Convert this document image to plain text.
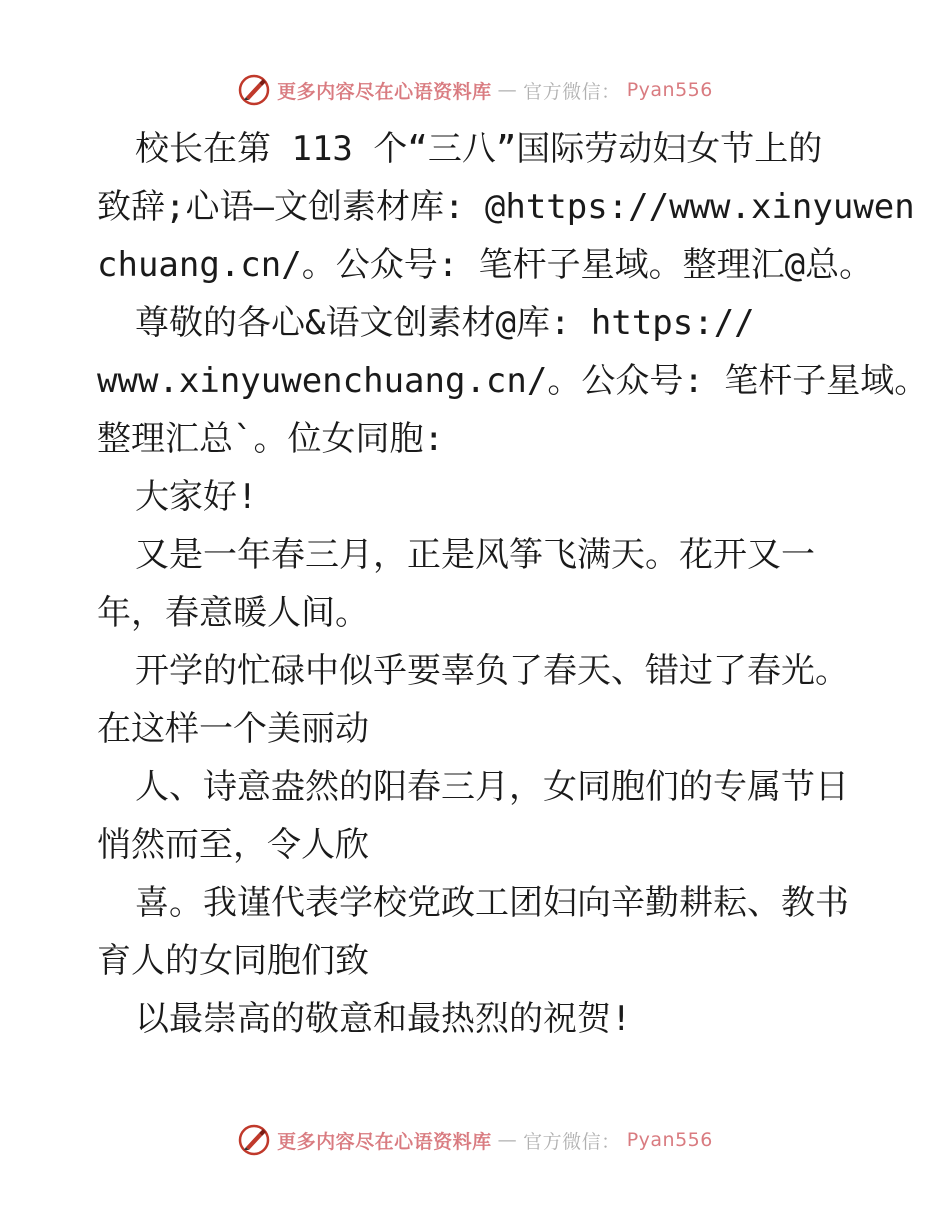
更多内容尽在心语资料库 — 官方微信： Pyan556
校长在第 113 个“三八”国际劳动妇女节上的
致辞;心语—文创素材库: @https://www.xinyuwen
chuang.cn/。公众号: 笔杆子星域。整理汇@总。
尊敬的各心&语文创素材@库: https://
www.xinyuwenchuang.cn/。公众号: 笔杆子星域。
整理汇总`。位女同胞:
大家好!
又是一年春三月，正是风筝飞满天。花开又一
年，春意暖人间。
开学的忙碌中似乎要辜负了春天、错过了春光。
在这样一个美丽动
人、诗意盎然的阳春三月，女同胞们的专属节日
悄然而至，令人欣
喜。我谨代表学校党政工团妇向辛勤耕耘、教书
育人的女同胞们致
以最崇高的敬意和最热烈的祝贺!
更多内容尽在心语资料库 — 官方微信： Pyan556
